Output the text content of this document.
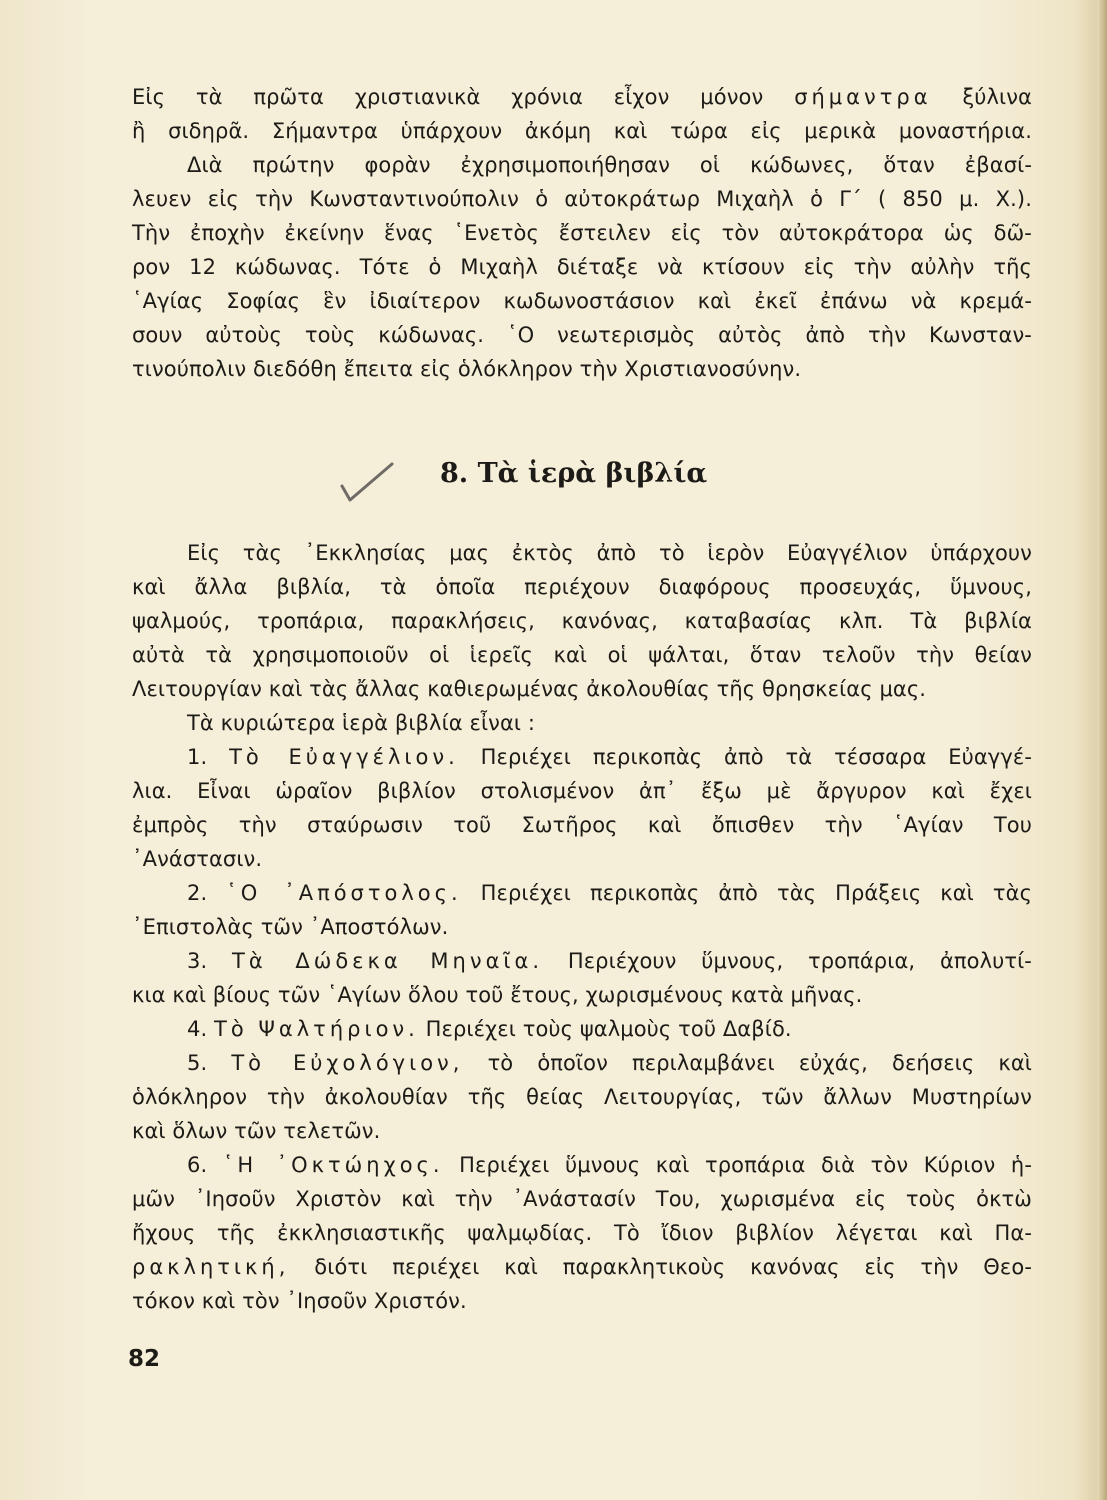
Εἰς τὰ πρῶτα χριστιανικὰ χρόνια εἶχον μόνον σήμαντρα ξύλινα
ἢ σιδηρᾶ. Σήμαντρα ὑπάρχουν ἀκόμη καὶ τώρα εἰς μερικὰ μοναστήρια.
Διὰ πρώτην φορὰν ἐχρησιμοποιήθησαν οἱ κώδωνες, ὅταν ἐβασί-
λευεν εἰς τὴν Κωνσταντινούπολιν ὁ αὐτοκράτωρ Μιχαὴλ ὁ Γ΄ ( 850 μ. Χ.).
Τὴν ἐποχὴν ἐκείνην ἕνας ῾Ενετὸς ἔστειλεν εἰς τὸν αὐτοκράτορα ὡς δῶ-
ρον 12 κώδωνας. Τότε ὁ Μιχαὴλ διέταξε νὰ κτίσουν εἰς τὴν αὐλὴν τῆς
῾Αγίας Σοφίας ἓν ἰδιαίτερον κωδωνοστάσιον καὶ ἐκεῖ ἐπάνω νὰ κρεμά-
σουν αὐτοὺς τοὺς κώδωνας. ῾Ο νεωτερισμὸς αὐτὸς ἀπὸ τὴν Κωνσταν-
τινούπολιν διεδόθη ἔπειτα εἰς ὁλόκληρον τὴν Χριστιανοσύνην.
8. Τὰ ἱερὰ βιβλία
Εἰς τὰς ᾿Εκκλησίας μας ἐκτὸς ἀπὸ τὸ ἱερὸν Εὐαγγέλιον ὑπάρχουν
καὶ ἄλλα βιβλία, τὰ ὁποῖα περιέχουν διαφόρους προσευχάς, ὕμνους,
ψαλμούς, τροπάρια, παρακλήσεις, κανόνας, καταβασίας κλπ. Τὰ βιβλία
αὐτὰ τὰ χρησιμοποιοῦν οἱ ἱερεῖς καὶ οἱ ψάλται, ὅταν τελοῦν τὴν θείαν
Λειτουργίαν καὶ τὰς ἄλλας καθιερωμένας ἀκολουθίας τῆς θρησκείας μας.
Τὰ κυριώτερα ἱερὰ βιβλία εἶναι :
1. Τὸ Εὐαγγέλιον. Περιέχει περικοπὰς ἀπὸ τὰ τέσσαρα Εὐαγγέ-
λια. Εἶναι ὡραῖον βιβλίον στολισμένον ἀπ᾿ ἔξω μὲ ἄργυρον καὶ ἔχει
ἐμπρὸς τὴν σταύρωσιν τοῦ Σωτῆρος καὶ ὄπισθεν τὴν ῾Αγίαν Του
᾿Ανάστασιν.
2. ῾Ο ᾿Απόστολος. Περιέχει περικοπὰς ἀπὸ τὰς Πράξεις καὶ τὰς
᾿Επιστολὰς τῶν ᾿Αποστόλων.
3. Τὰ Δώδεκα Μηναῖα. Περιέχουν ὕμνους, τροπάρια, ἀπολυτί-
κια καὶ βίους τῶν ῾Αγίων ὅλου τοῦ ἔτους, χωρισμένους κατὰ μῆνας.
4. Τὸ Ψαλτήριον. Περιέχει τοὺς ψαλμοὺς τοῦ Δαβίδ.
5. Τὸ Εὐχολόγιον, τὸ ὁποῖον περιλαμβάνει εὐχάς, δεήσεις καὶ
ὁλόκληρον τὴν ἀκολουθίαν τῆς θείας Λειτουργίας, τῶν ἄλλων Μυστηρίων
καὶ ὅλων τῶν τελετῶν.
6. ῾Η ᾿Οκτώηχος. Περιέχει ὕμνους καὶ τροπάρια διὰ τὸν Κύριον ἡ-
μῶν ᾿Ιησοῦν Χριστὸν καὶ τὴν ᾿Ανάστασίν Του, χωρισμένα εἰς τοὺς ὀκτὼ
ἤχους τῆς ἐκκλησιαστικῆς ψαλμῳδίας. Τὸ ἴδιον βιβλίον λέγεται καὶ Πα-
ρακλητική, διότι περιέχει καὶ παρακλητικοὺς κανόνας εἰς τὴν Θεο-
τόκον καὶ τὸν ᾿Ιησοῦν Χριστόν.
82
